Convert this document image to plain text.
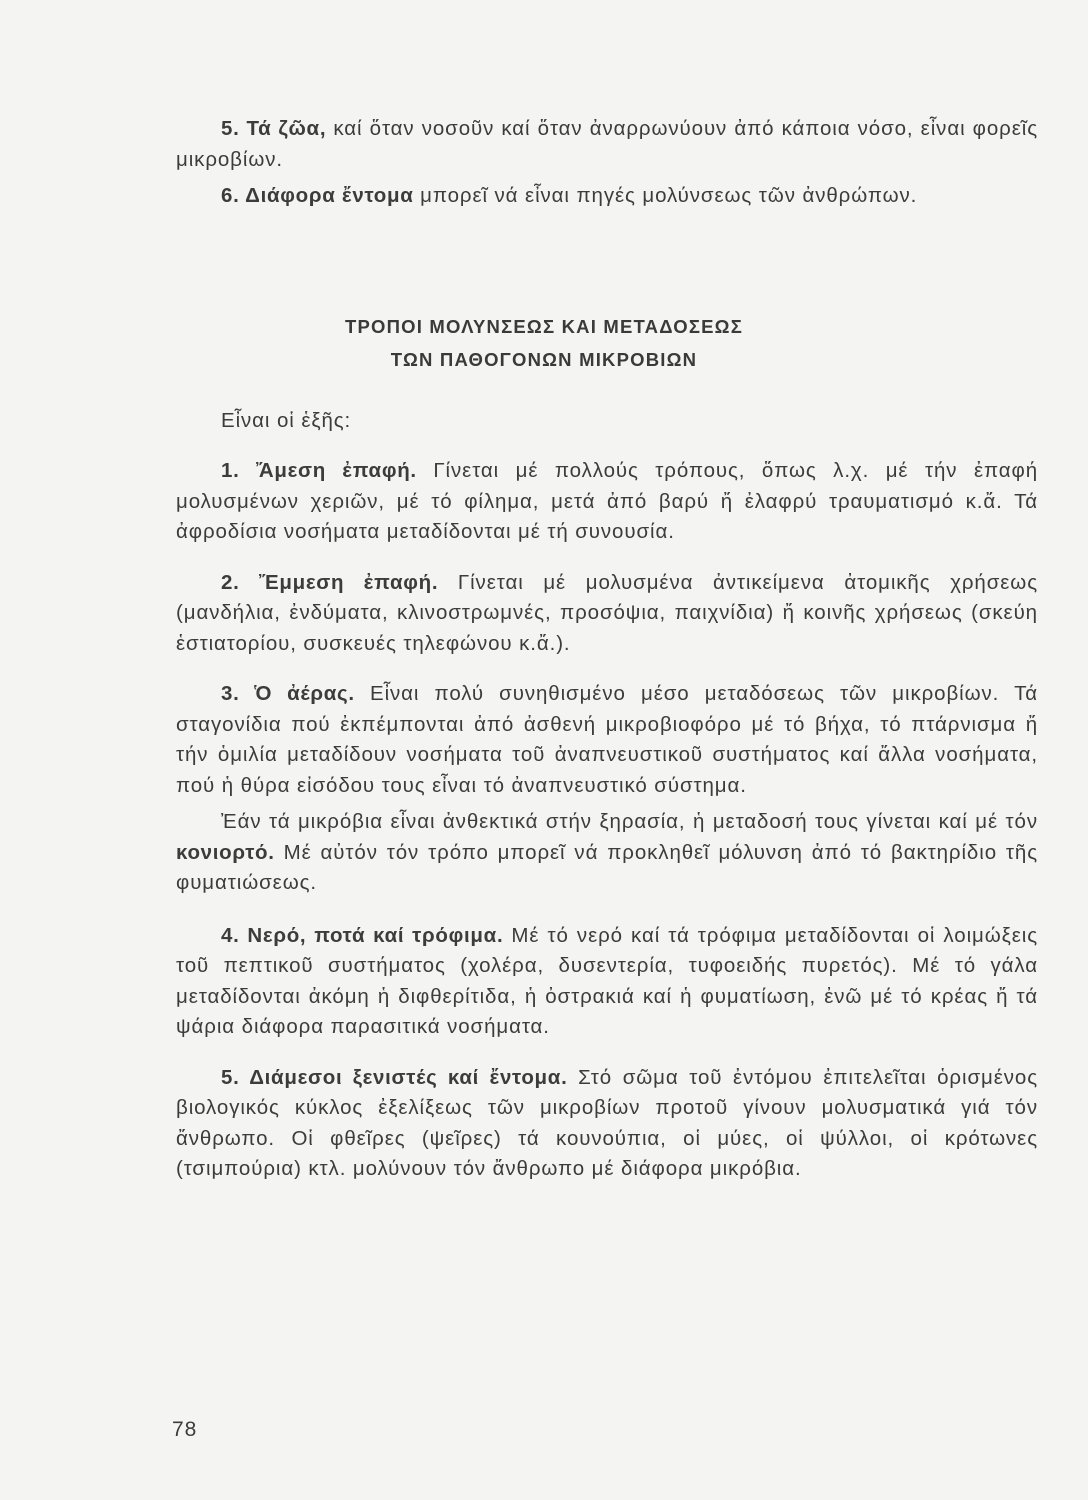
5. Τά ζῶα, καί ὅταν νοσοῦν καί ὅταν ἀναρρωνύουν ἀπό κάποια νόσο, εἶναι φορεῖς μικροβίων.

6. Διάφορα ἔντομα μπορεῖ νά εἶναι πηγές μολύνσεως τῶν ἀνθρώπων.

ΤΡΟΠΟΙ ΜΟΛΥΝΣΕΩΣ ΚΑΙ ΜΕΤΑΔΟΣΕΩΣ
ΤΩΝ ΠΑΘΟΓΟΝΩΝ ΜΙΚΡΟΒΙΩΝ

Εἶναι οἱ ἑξῆς:

1. Ἄμεση ἐπαφή. Γίνεται μέ πολλούς τρόπους, ὅπως λ.χ. μέ τήν ἐπαφή μολυσμένων χεριῶν, μέ τό φίλημα, μετά ἀπό βαρύ ἤ ἐλαφρύ τραυματισμό κ.ἄ. Τά ἀφροδίσια νοσήματα μεταδίδονται μέ τή συνουσία.

2. Ἔμμεση ἐπαφή. Γίνεται μέ μολυσμένα ἀντικείμενα ἀτομικῆς χρήσεως (μανδήλια, ἐνδύματα, κλινοστρωμνές, προσόψια, παιχνίδια) ἤ κοινῆς χρήσεως (σκεύη ἑστιατορίου, συσκευές τηλεφώνου κ.ἄ.).

3. Ὁ ἀέρας. Εἶναι πολύ συνηθισμένο μέσο μεταδόσεως τῶν μικροβίων. Τά σταγονίδια πού ἐκπέμπονται ἀπό ἀσθενή μικροβιοφόρο μέ τό βήχα, τό πτάρνισμα ἤ τήν ὁμιλία μεταδίδουν νοσήματα τοῦ ἀναπνευστικοῦ συστήματος καί ἄλλα νοσήματα, πού ἡ θύρα εἰσόδου τους εἶναι τό ἀναπνευστικό σύστημα.

Ἐάν τά μικρόβια εἶναι ἀνθεκτικά στήν ξηρασία, ἡ μεταδοσή τους γίνεται καί μέ τόν κονιορτό. Μέ αὐτόν τόν τρόπο μπορεῖ νά προκληθεῖ μόλυνση ἀπό τό βακτηρίδιο τῆς φυματιώσεως.

4. Νερό, ποτά καί τρόφιμα. Μέ τό νερό καί τά τρόφιμα μεταδίδονται οἱ λοιμώξεις τοῦ πεπτικοῦ συστήματος (χολέρα, δυσεντερία, τυφοειδής πυρετός). Μέ τό γάλα μεταδίδονται ἀκόμη ἡ διφθερίτιδα, ἡ ὀστρακιά καί ἡ φυματίωση, ἐνῶ μέ τό κρέας ἤ τά ψάρια διάφορα παρασιτικά νοσήματα.

5. Διάμεσοι ξενιστές καί ἔντομα. Στό σῶμα τοῦ ἐντόμου ἐπιτελεῖται ὁρισμένος βιολογικός κύκλος ἐξελίξεως τῶν μικροβίων προτοῦ γίνουν μολυσματικά γιά τόν ἄνθρωπο. Οἱ φθεῖρες (ψεῖρες) τά κουνούπια, οἱ μύες, οἱ ψύλλοι, οἱ κρότωνες (τσιμπούρια) κτλ. μολύνουν τόν ἄνθρωπο μέ διάφορα μικρόβια.

78
